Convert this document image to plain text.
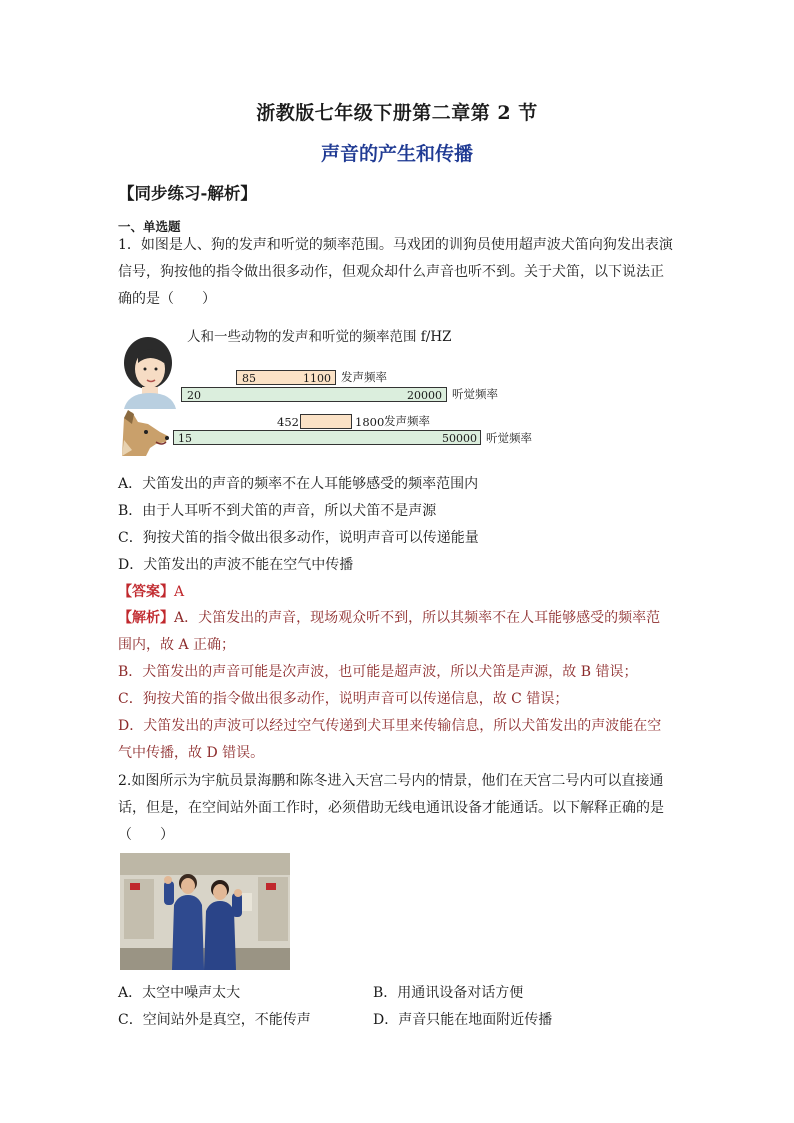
浙教版七年级下册第二章第 2 节
声音的产生和传播
【同步练习-解析】
一、单选题
1．如图是人、狗的发声和听觉的频率范围。马戏团的训狗员使用超声波犬笛向狗发出表演
信号，狗按他的指令做出很多动作，但观众却什么声音也听不到。关于犬笛，以下说法正
确的是（　　）
人和一些动物的发声和听觉的频率范围 f/HZ
85	1100 发声频率
20	20000 听觉频率
452	1800 发声频率
15	50000 听觉频率
A．犬笛发出的声音的频率不在人耳能够感受的频率范围内
B．由于人耳听不到犬笛的声音，所以犬笛不是声源
C．狗按犬笛的指令做出很多动作，说明声音可以传递能量
D．犬笛发出的声波不能在空气中传播
【答案】A
【解析】A．犬笛发出的声音，现场观众听不到，所以其频率不在人耳能够感受的频率范
围内，故 A 正确；
B．犬笛发出的声音可能是次声波，也可能是超声波，所以犬笛是声源，故 B 错误；
C．狗按犬笛的指令做出很多动作，说明声音可以传递信息，故 C 错误；
D．犬笛发出的声波可以经过空气传递到犬耳里来传输信息，所以犬笛发出的声波能在空
气中传播，故 D 错误。
2.如图所示为宇航员景海鹏和陈冬进入天宫二号内的情景，他们在天宫二号内可以直接通
话，但是，在空间站外面工作时，必须借助无线电通讯设备才能通话。以下解释正确的是
（　　）
A．太空中噪声太大	B．用通讯设备对话方便
C．空间站外是真空，不能传声	D．声音只能在地面附近传播
